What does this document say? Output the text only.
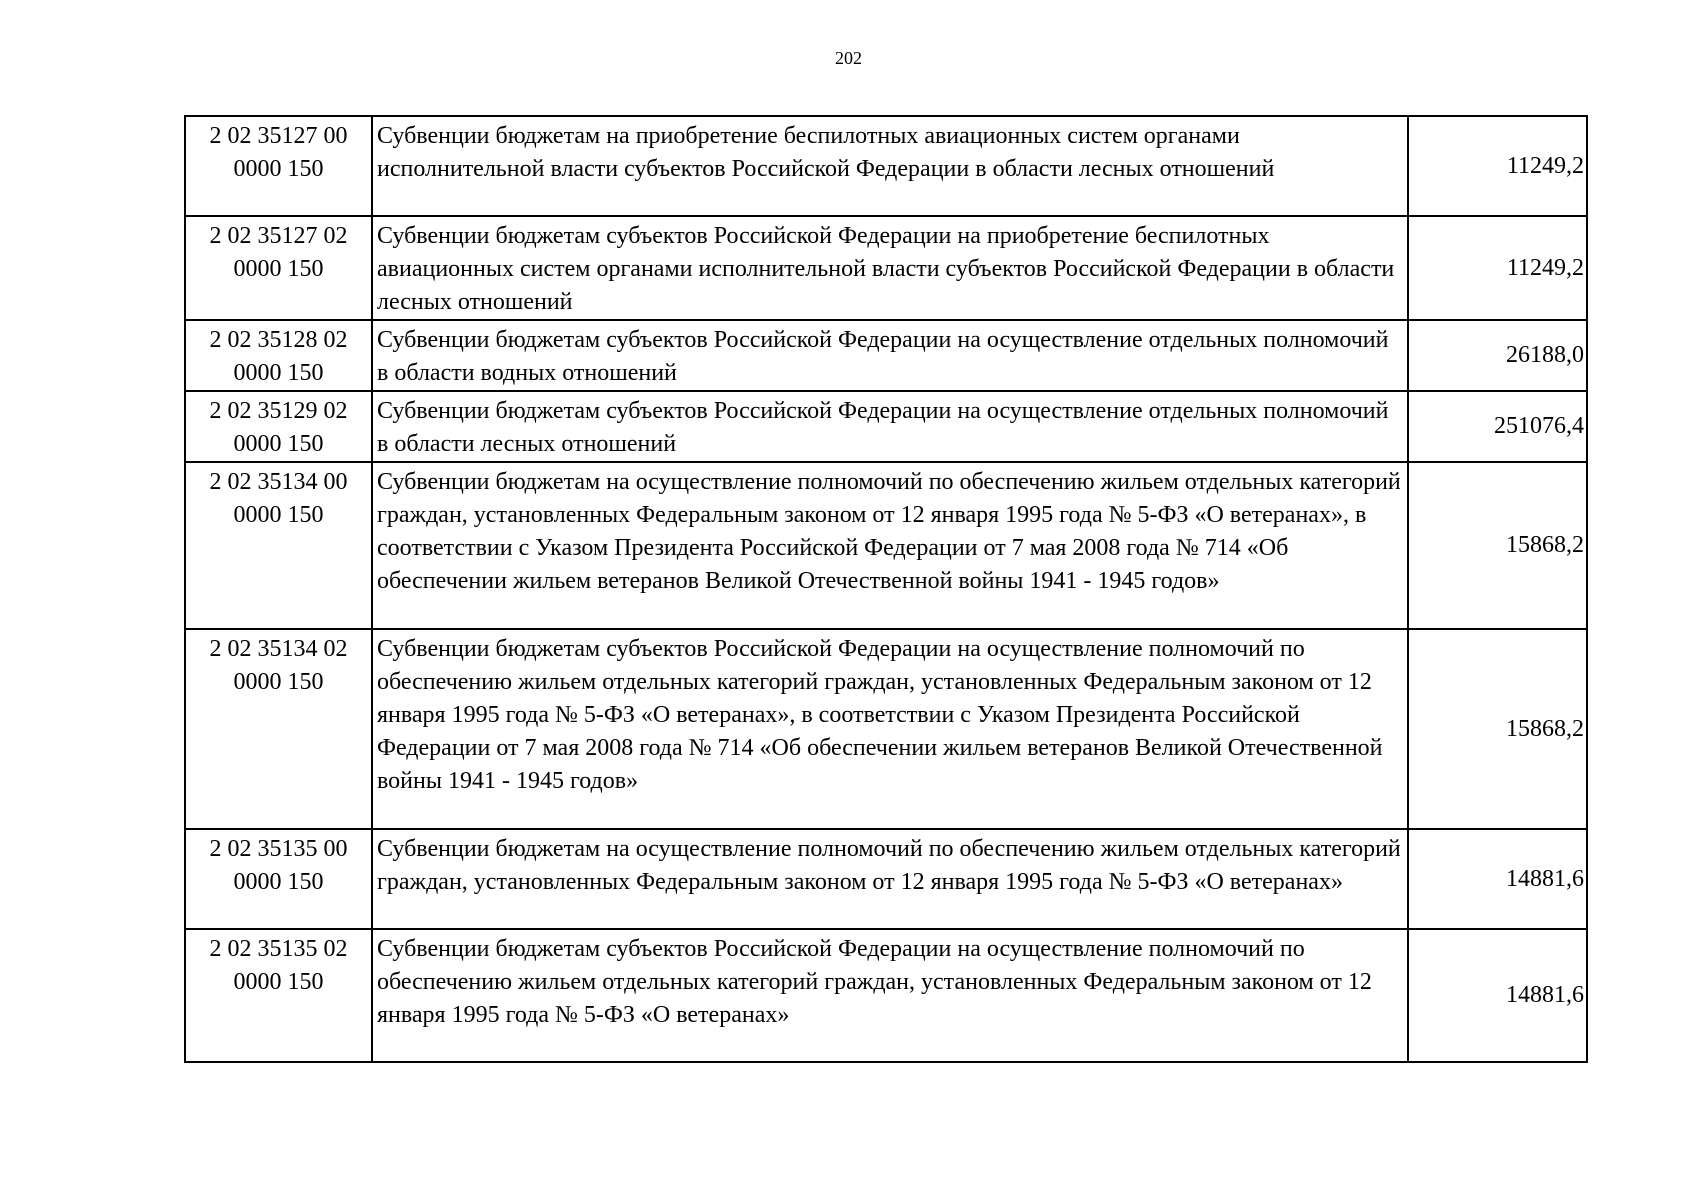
202
2 02 35127 00 0000 150	Субвенции бюджетам на приобретение беспилотных авиационных систем органами исполнительной власти субъектов Российской Федерации в области лесных отношений	11249,2
2 02 35127 02 0000 150	Субвенции бюджетам субъектов Российской Федерации на приобретение беспилотных авиационных систем органами исполнительной власти субъектов Российской Федерации в области лесных отношений	11249,2
2 02 35128 02 0000 150	Субвенции бюджетам субъектов Российской Федерации на осуществление отдельных полномочий в области водных отношений	26188,0
2 02 35129 02 0000 150	Субвенции бюджетам субъектов Российской Федерации на осуществление отдельных полномочий в области лесных отношений	251076,4
2 02 35134 00 0000 150	Субвенции бюджетам на осуществление полномочий по обеспечению жильем отдельных категорий граждан, установленных Федеральным законом от 12 января 1995 года № 5-ФЗ «О ветеранах», в соответствии с Указом Президента Российской Федерации от 7 мая 2008 года № 714 «Об обеспечении жильем ветеранов Великой Отечественной войны 1941 - 1945 годов»	15868,2
2 02 35134 02 0000 150	Субвенции бюджетам субъектов Российской Федерации на осуществление полномочий по обеспечению жильем отдельных категорий граждан, установленных Федеральным законом от 12 января 1995 года № 5-ФЗ «О ветеранах», в соответствии с Указом Президента Российской Федерации от 7 мая 2008 года № 714 «Об обеспечении жильем ветеранов Великой Отечественной войны 1941 - 1945 годов»	15868,2
2 02 35135 00 0000 150	Субвенции бюджетам на осуществление полномочий по обеспечению жильем отдельных категорий граждан, установленных Федеральным законом от 12 января 1995 года № 5-ФЗ «О ветеранах»	14881,6
2 02 35135 02 0000 150	Субвенции бюджетам субъектов Российской Федерации на осуществление полномочий по обеспечению жильем отдельных категорий граждан, установленных Федеральным законом от 12 января 1995 года № 5-ФЗ «О ветеранах»	14881,6
